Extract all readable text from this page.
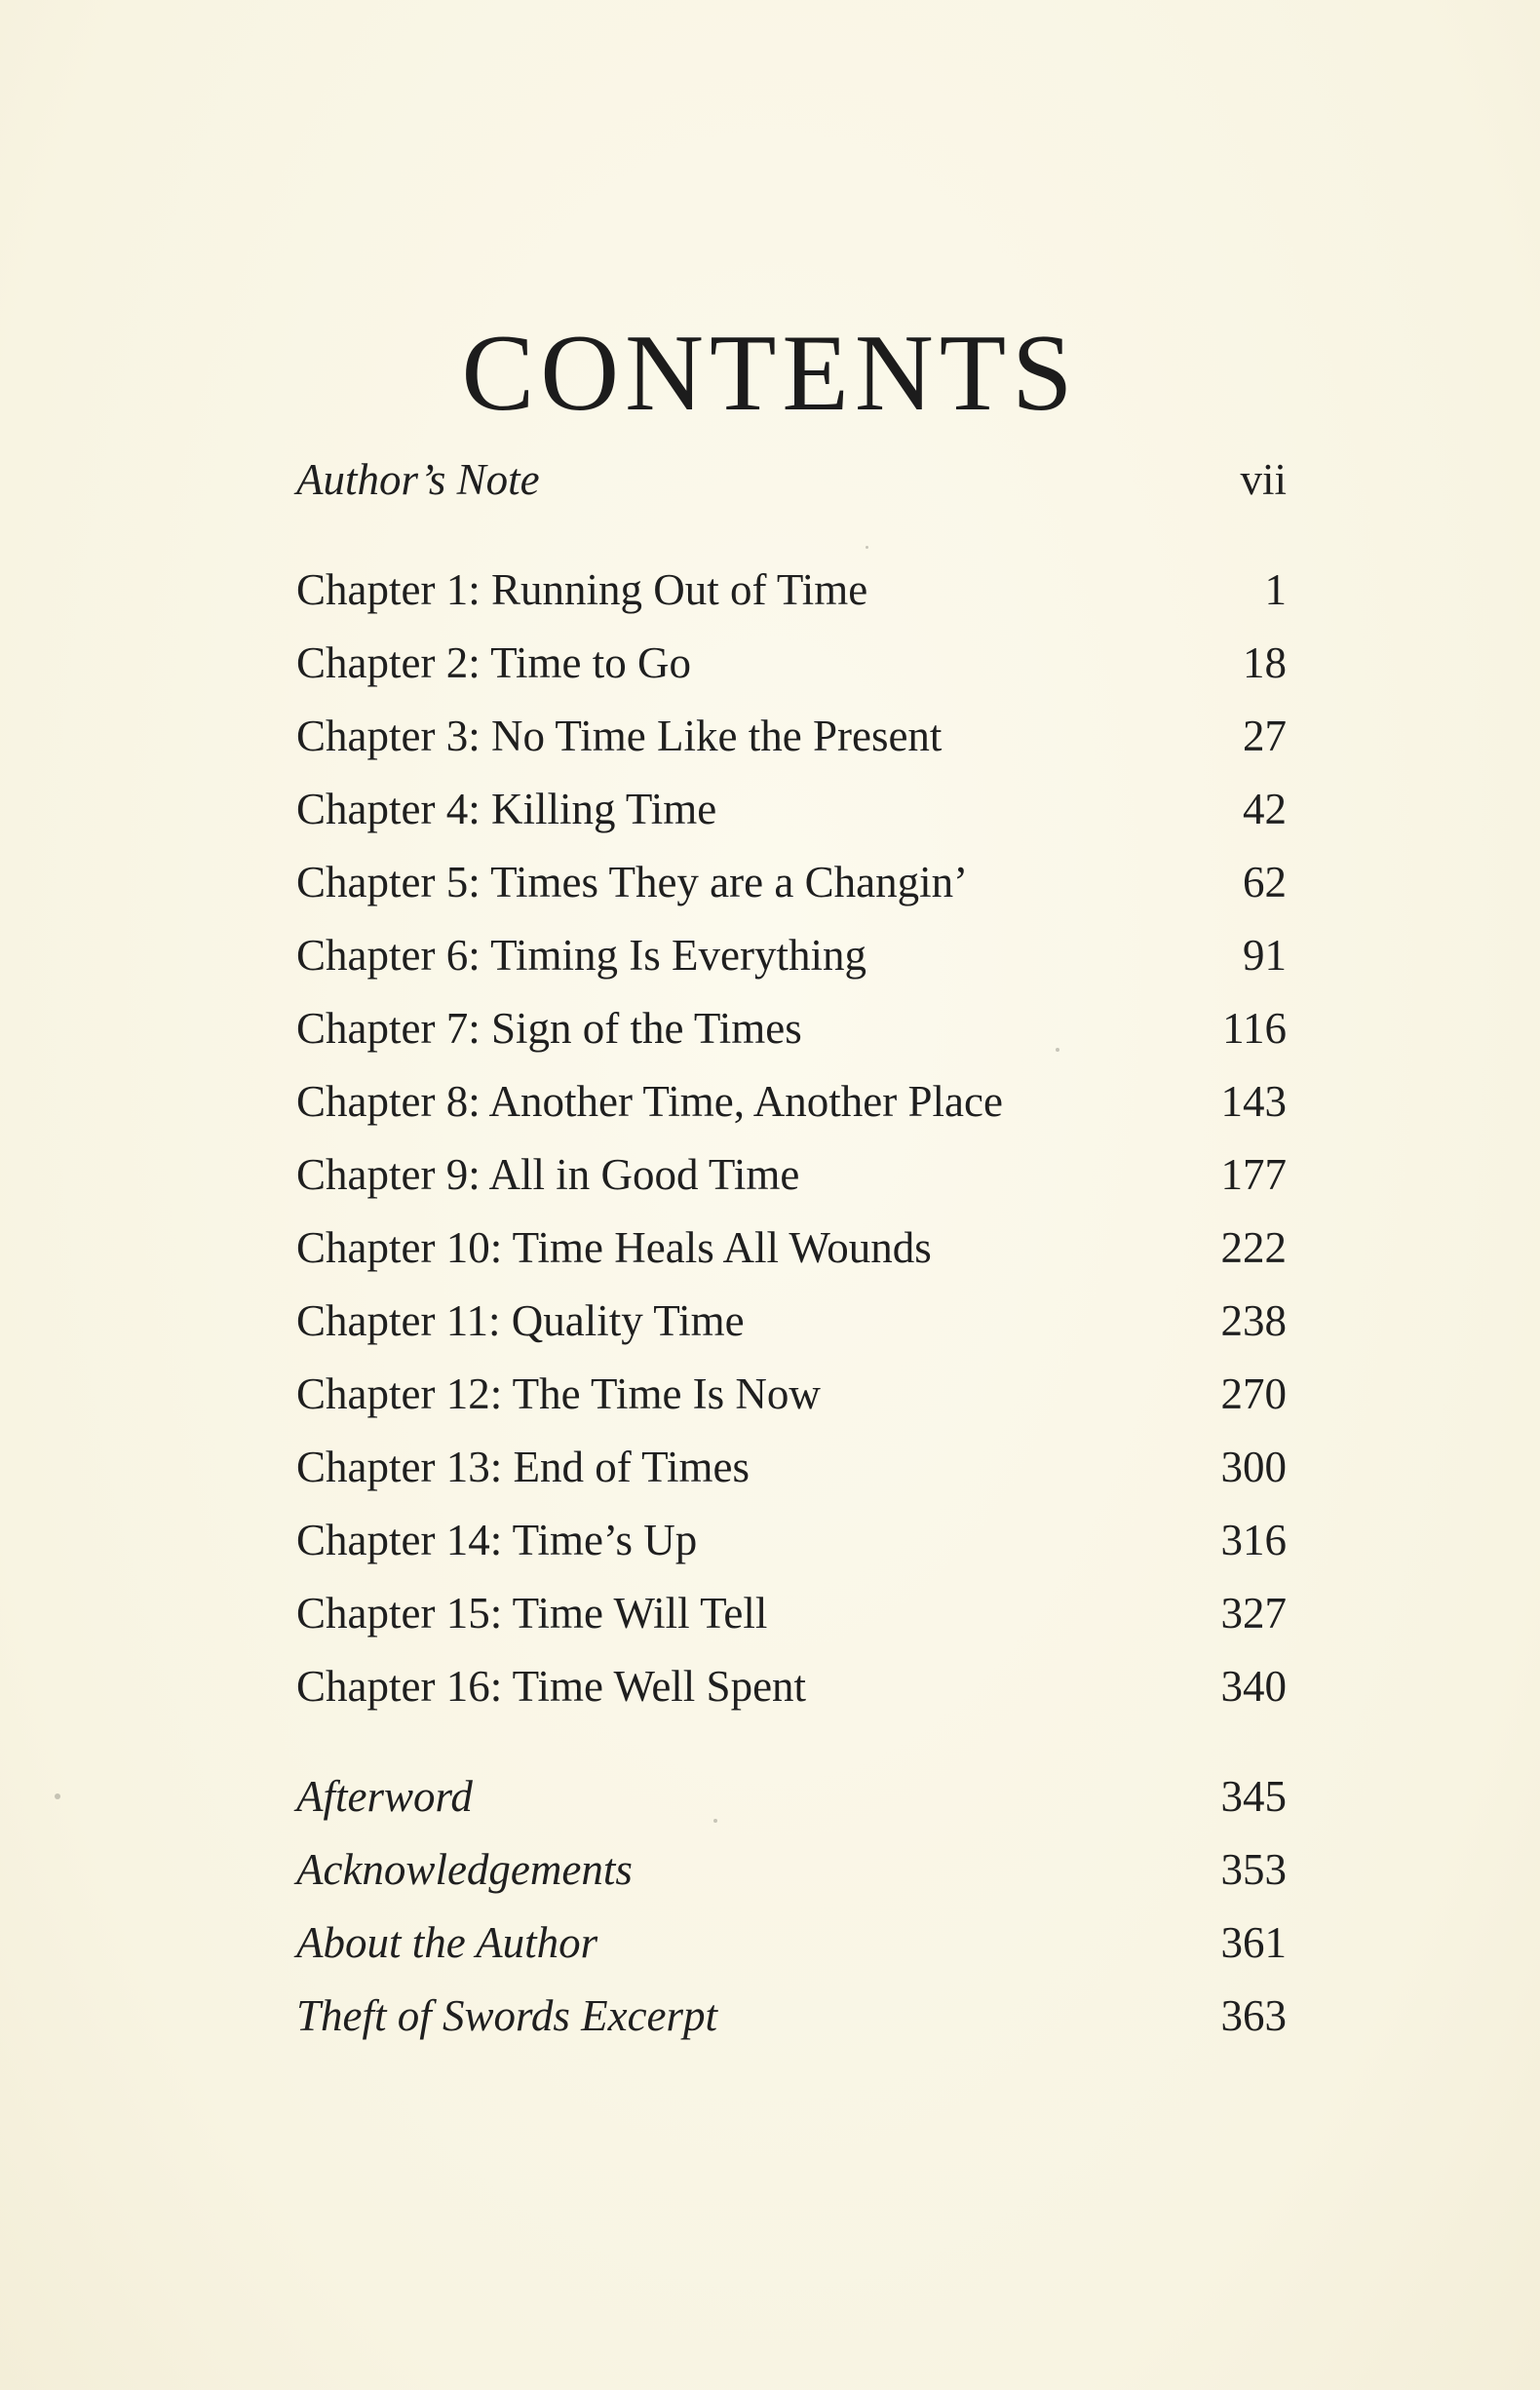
CONTENTS
Author’s Note	vii
Chapter 1: Running Out of Time	1
Chapter 2: Time to Go	18
Chapter 3: No Time Like the Present	27
Chapter 4: Killing Time	42
Chapter 5: Times They are a Changin’	62
Chapter 6: Timing Is Everything	91
Chapter 7: Sign of the Times	116
Chapter 8: Another Time, Another Place	143
Chapter 9: All in Good Time	177
Chapter 10: Time Heals All Wounds	222
Chapter 11: Quality Time	238
Chapter 12: The Time Is Now	270
Chapter 13: End of Times	300
Chapter 14: Time’s Up	316
Chapter 15: Time Will Tell	327
Chapter 16: Time Well Spent	340
Afterword	345
Acknowledgements	353
About the Author	361
Theft of Swords Excerpt	363
